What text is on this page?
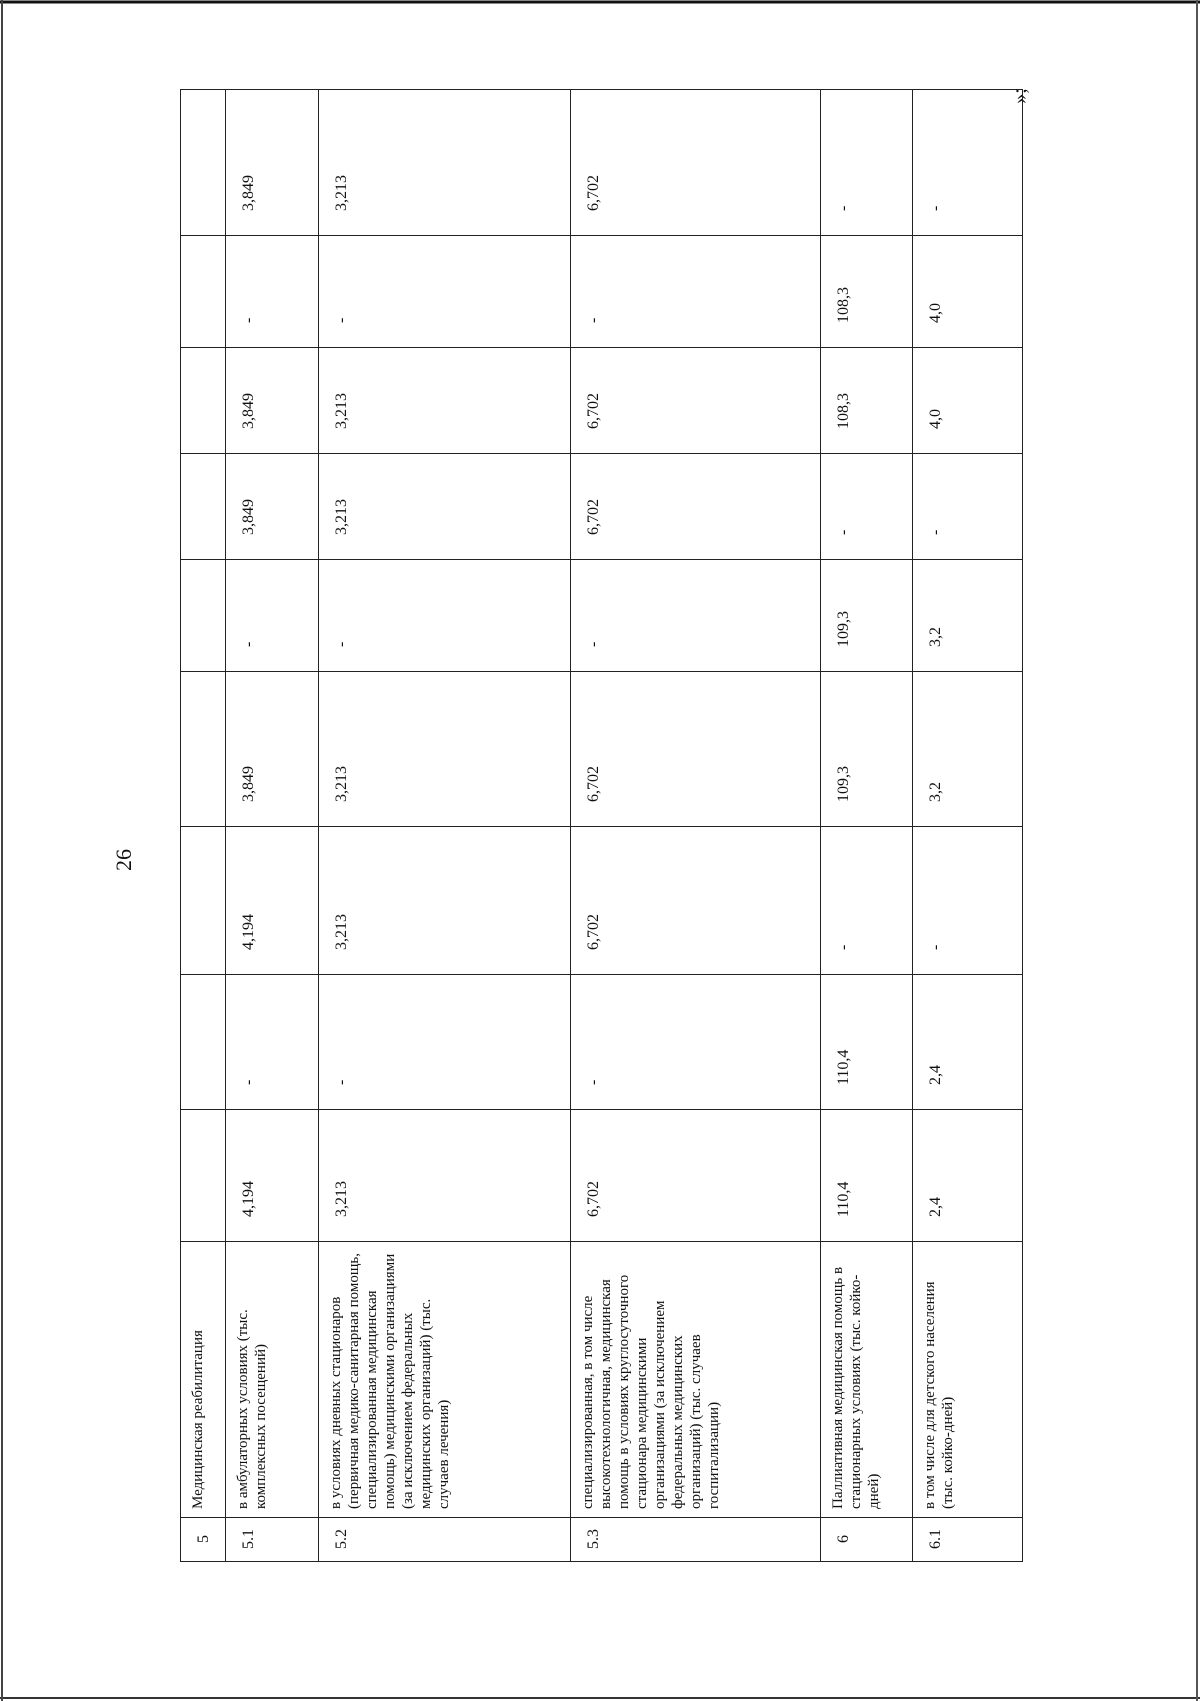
26
»;
5	Медицинская реабилитация									
5.1	в амбулаторных условиях (тыс. комплексных посещений)	4,194	-	4,194	3,849	-	3,849	3,849	-	3,849
5.2	в условиях дневных стационаров (первичная медико-санитарная помощь, специализированная медицинская помощь) медицинскими организациями (за исключением федеральных медицинских организаций) (тыс. случаев лечения)	3,213	-	3,213	3,213	-	3,213	3,213	-	3,213
5.3	специализированная, в том числе высокотехнологичная, медицинская помощь в условиях круглосуточного стационара медицинскими организациями (за исключением федеральных медицинских организаций) (тыс. случаев госпитализации)	6,702	-	6,702	6,702	-	6,702	6,702	-	6,702
6	Паллиативная медицинская помощь в стационарных условиях (тыс. койко-дней)	110,4	110,4	-	109,3	109,3	-	108,3	108,3	-
6.1	в том числе для детского населения (тыс. койко-дней)	2,4	2,4	-	3,2	3,2	-	4,0	4,0	-
